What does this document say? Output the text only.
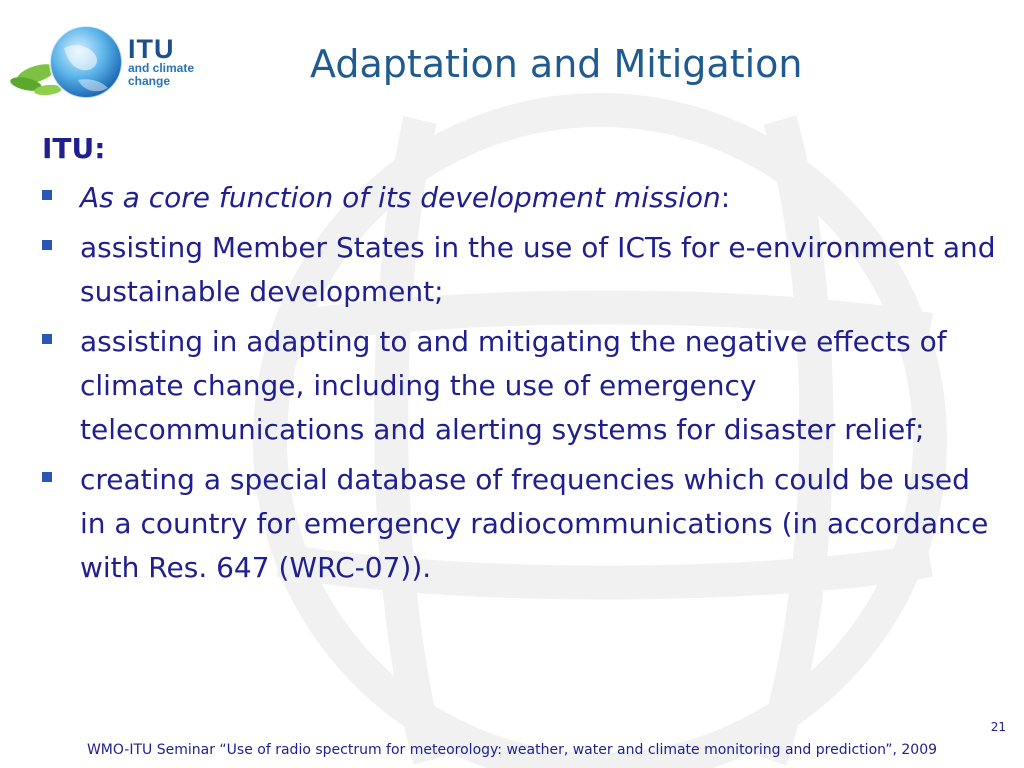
ITU
and climate
change	Adaptation and Mitigation
ITU:
As a core function of its development mission:
assisting Member States in the use of ICTs for e-environment and sustainable development;
assisting in adapting to and mitigating the negative effects of climate change, including the use of emergency telecommunications and alerting systems for disaster relief;
creating a special database of frequencies which could be used in a country for emergency radiocommunications (in accordance with Res. 647 (WRC-07)).
21
WMO-ITU Seminar “Use of radio spectrum for meteorology: weather, water and climate monitoring and prediction”, 2009
